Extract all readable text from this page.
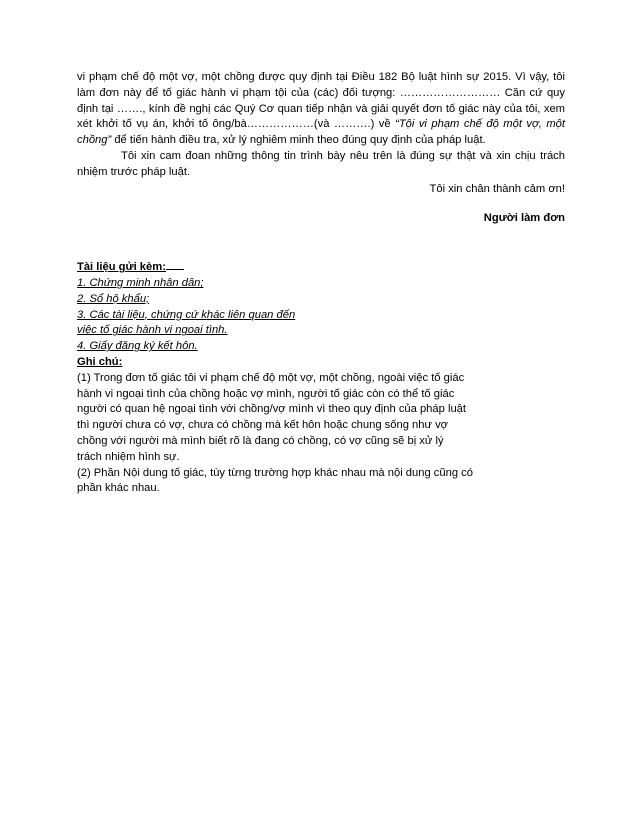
vi phạm chế độ một vợ, một chồng được quy định tại Điều 182 Bộ luật hình sự 2015. Vì vậy, tôi làm đơn này để tố giác hành vi phạm tội của (các) đối tượng: ……………………… Căn cứ quy định tại ……., kính đề nghị các Quý Cơ quan tiếp nhận và giải quyết đơn tố giác này của tôi, xem xét khởi tố vụ án, khởi tố ông/bà………………(và ……….) về “Tội vi phạm chế độ một vợ, một chồng” để tiến hành điều tra, xử lý nghiêm minh theo đúng quy định của pháp luật.

Tôi xin cam đoan những thông tin trình bày nêu trên là đúng sự thật và xin chịu trách nhiệm trước pháp luật.

Tôi xin chân thành cảm ơn!

Người làm đơn

Tài liệu gửi kèm:

1. Chứng minh nhân dân;

2. Sổ hộ khẩu;

3. Các tài liệu, chứng cứ khác liên quan đến

việc tố giác hành vi ngoại tình.

4. Giấy đăng ký kết hôn.

Ghi chú:

(1) Trong đơn tố giác tôi vi phạm chế độ một vợ, một chồng, ngoài việc tố giác

hành vi ngoại tình của chồng hoặc vợ mình, người tố giác còn có thể tố giác

người có quan hệ ngoại tình với chồng/vợ mình vì theo quy định của pháp luật

thì người chưa có vợ, chưa có chồng mà kết hôn hoặc chung sống như vợ

chồng với người mà mình biết rõ là đang có chồng, có vợ cũng sẽ bị xử lý

trách nhiệm hình sự.

(2) Phần Nội dung tố giác, tùy từng trường hợp khác nhau mà nội dung cũng có

phần khác nhau.
